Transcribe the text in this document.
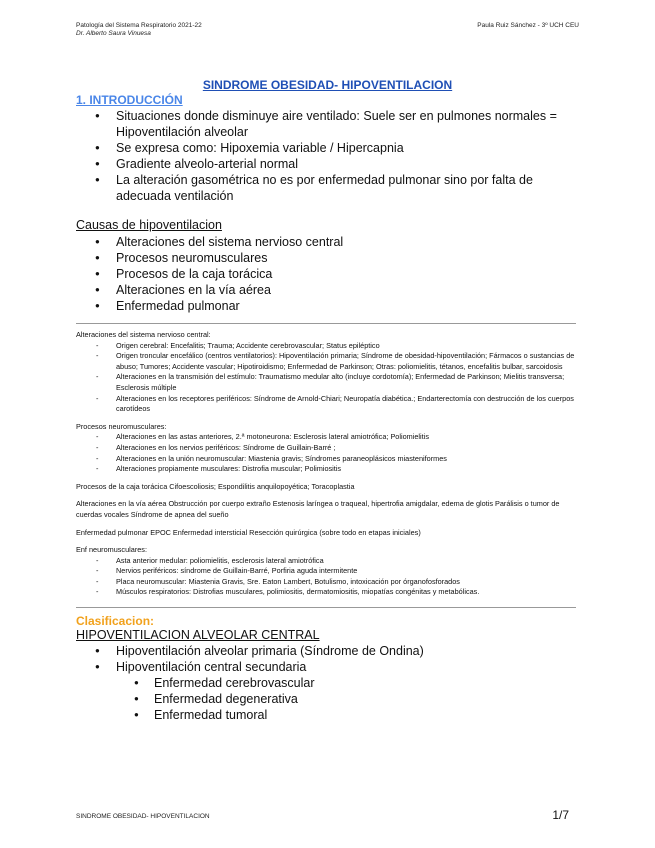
Patología del Sistema Respiratorio 2021-22
Dr. Alberto Saura Vinuesa
Paula Ruiz Sánchez - 3º UCH CEU
SINDROME OBESIDAD- HIPOVENTILACION
1. INTRODUCCIÓN
● Situaciones donde disminuye aire ventilado: Suele ser en pulmones normales = Hipoventilación alveolar
● Se expresa como: Hipoxemia variable / Hipercapnia
● Gradiente alveolo-arterial normal
● La alteración gasométrica no es por enfermedad pulmonar sino por falta de adecuada ventilación
Causas de hipoventilacion
● Alteraciones del sistema nervioso central
● Procesos neuromusculares
● Procesos de la caja torácica
● Alteraciones en la vía aérea
● Enfermedad pulmonar

Alteraciones del sistema nervioso central:

- Origen cerebral: Encefalitis; Trauma; Accidente cerebrovascular; Status epiléptico
- Origen troncular encefálico (centros ventilatorios): Hipoventilación primaria; Síndrome de obesidad-hipoventilación; Fármacos o sustancias de abuso; Tumores; Accidente vascular; Hipotiroidismo; Enfermedad de Parkinson; Otras: poliomielitis, tétanos, encefalitis bulbar, sarcoidosis
- Alteraciones en la transmisión del estímulo: Traumatismo medular alto (incluye cordotomía); Enfermedad de Parkinson; Mielitis transversa; Esclerosis múltiple
- Alteraciones en los receptores periféricos: Síndrome de Arnold-Chiari; Neuropatía diabética.; Endarterectomía con destrucción de los cuerpos carotídeos

Procesos neuromusculares:

- Alteraciones en las astas anteriores, 2.ª motoneurona: Esclerosis lateral amiotrófica; Poliomielitis
- Alteraciones en los nervios periféricos: Síndrome de Guillain-Barré ;
- Alteraciones en la unión neuromuscular: Miastenia gravis; Síndromes paraneoplásicos miasteniformes
- Alteraciones propiamente musculares: Distrofia muscular; Polimiositis

Procesos de la caja torácica Cifoescoliosis; Espondilitis anquilopoyética; Toracoplastia

Alteraciones en la vía aérea Obstrucción por cuerpo extraño Estenosis laríngea o traqueal, hipertrofia amigdalar, edema de glotis Parálisis o tumor de cuerdas vocales Síndrome de apnea del sueño

Enfermedad pulmonar EPOC Enfermedad intersticial Resección quirúrgica (sobre todo en etapas iniciales)

Enf neuromusculares:

- Asta anterior medular: poliomielitis, esclerosis lateral amiotrófica
- Nervios periféricos: síndrome de Guillain-Barré, Porfiria aguda intermitente
- Placa neuromuscular: Miastenia Gravis, Sre. Eaton Lambert, Botulismo, intoxicación por órganofosforados
- Músculos respiratorios: Distrofias musculares, polimiositis, dermatomiositis, miopatías congénitas y metabólicas.
Clasificacion:
HIPOVENTILACION ALVEOLAR CENTRAL
● Hipoventilación alveolar primaria (Síndrome de Ondina)
● Hipoventilación central secundaria
● Enfermedad cerebrovascular
● Enfermedad degenerativa
● Enfermedad tumoral
SINDROME OBESIDAD- HIPOVENTILACION	1/7
